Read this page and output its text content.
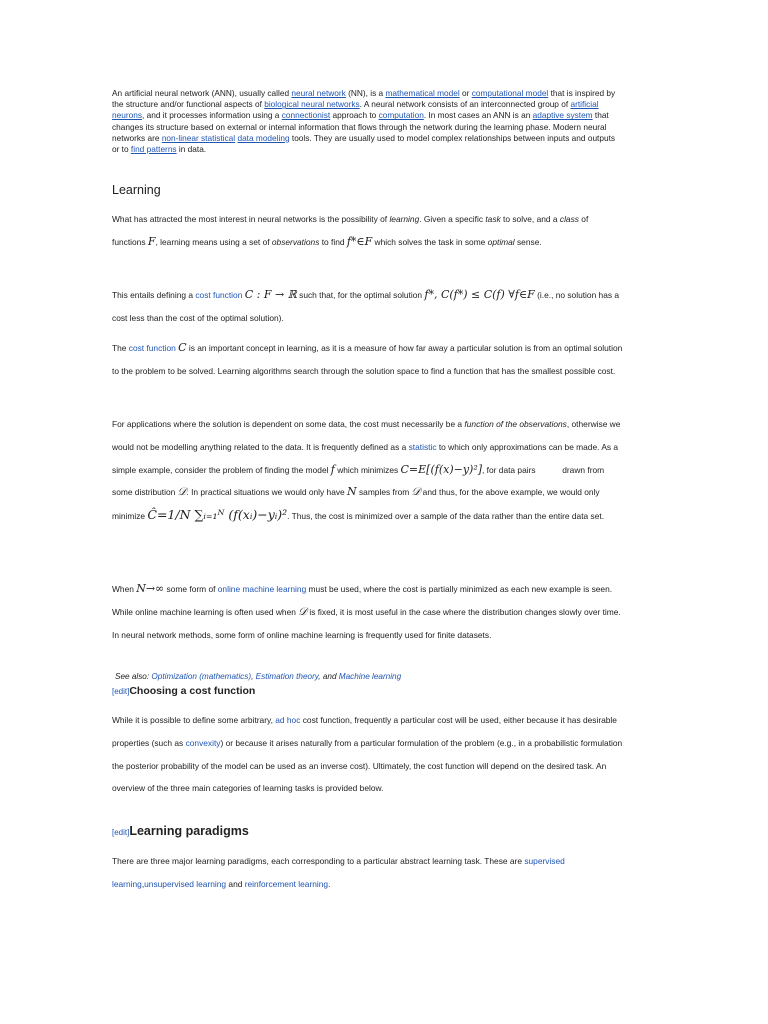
An artificial neural network (ANN), usually called neural network (NN), is a mathematical model or computational model that is inspired by the structure and/or functional aspects of biological neural networks. A neural network consists of an interconnected group of artificial neurons, and it processes information using a connectionist approach to computation. In most cases an ANN is an adaptive system that changes its structure based on external or internal information that flows through the network during the learning phase. Modern neural networks are non-linear statistical data modeling tools. They are usually used to model complex relationships between inputs and outputs or to find patterns in data.

Learning

What has attracted the most interest in neural networks is the possibility of learning. Given a specific task to solve, and a class of functions F, learning means using a set of observations to find f*∈F which solves the task in some optimal sense.

This entails defining a cost function C : F → ℝ such that, for the optimal solution f*, C(f*) ≤ C(f) ∀f∈F (i.e., no solution has a cost less than the cost of the optimal solution).

The cost function C is an important concept in learning, as it is a measure of how far away a particular solution is from an optimal solution to the problem to be solved. Learning algorithms search through the solution space to find a function that has the smallest possible cost.

For applications where the solution is dependent on some data, the cost must necessarily be a function of the observations, otherwise we would not be modelling anything related to the data. It is frequently defined as a statistic to which only approximations can be made. As a simple example, consider the problem of finding the model f which minimizes C=E[(f(x)−y)²], for data pairs	drawn from some distribution 𝒟. In practical situations we would only have N samples from 𝒟 and thus, for the above example, we would only minimize Ĉ=1/N ∑ᵢ₌₁ᴺ (f(xᵢ)−yᵢ)². Thus, the cost is minimized over a sample of the data rather than the entire data set.

When N→∞ some form of online machine learning must be used, where the cost is partially minimized as each new example is seen. While online machine learning is often used when 𝒟 is fixed, it is most useful in the case where the distribution changes slowly over time. In neural network methods, some form of online machine learning is frequently used for finite datasets.

See also: Optimization (mathematics), Estimation theory, and Machine learning
[edit]Choosing a cost function

While it is possible to define some arbitrary, ad hoc cost function, frequently a particular cost will be used, either because it has desirable properties (such as convexity) or because it arises naturally from a particular formulation of the problem (e.g., in a probabilistic formulation the posterior probability of the model can be used as an inverse cost). Ultimately, the cost function will depend on the desired task. An overview of the three main categories of learning tasks is provided below.

[edit]Learning paradigms

There are three major learning paradigms, each corresponding to a particular abstract learning task. These are supervised learning,unsupervised learning and reinforcement learning.
